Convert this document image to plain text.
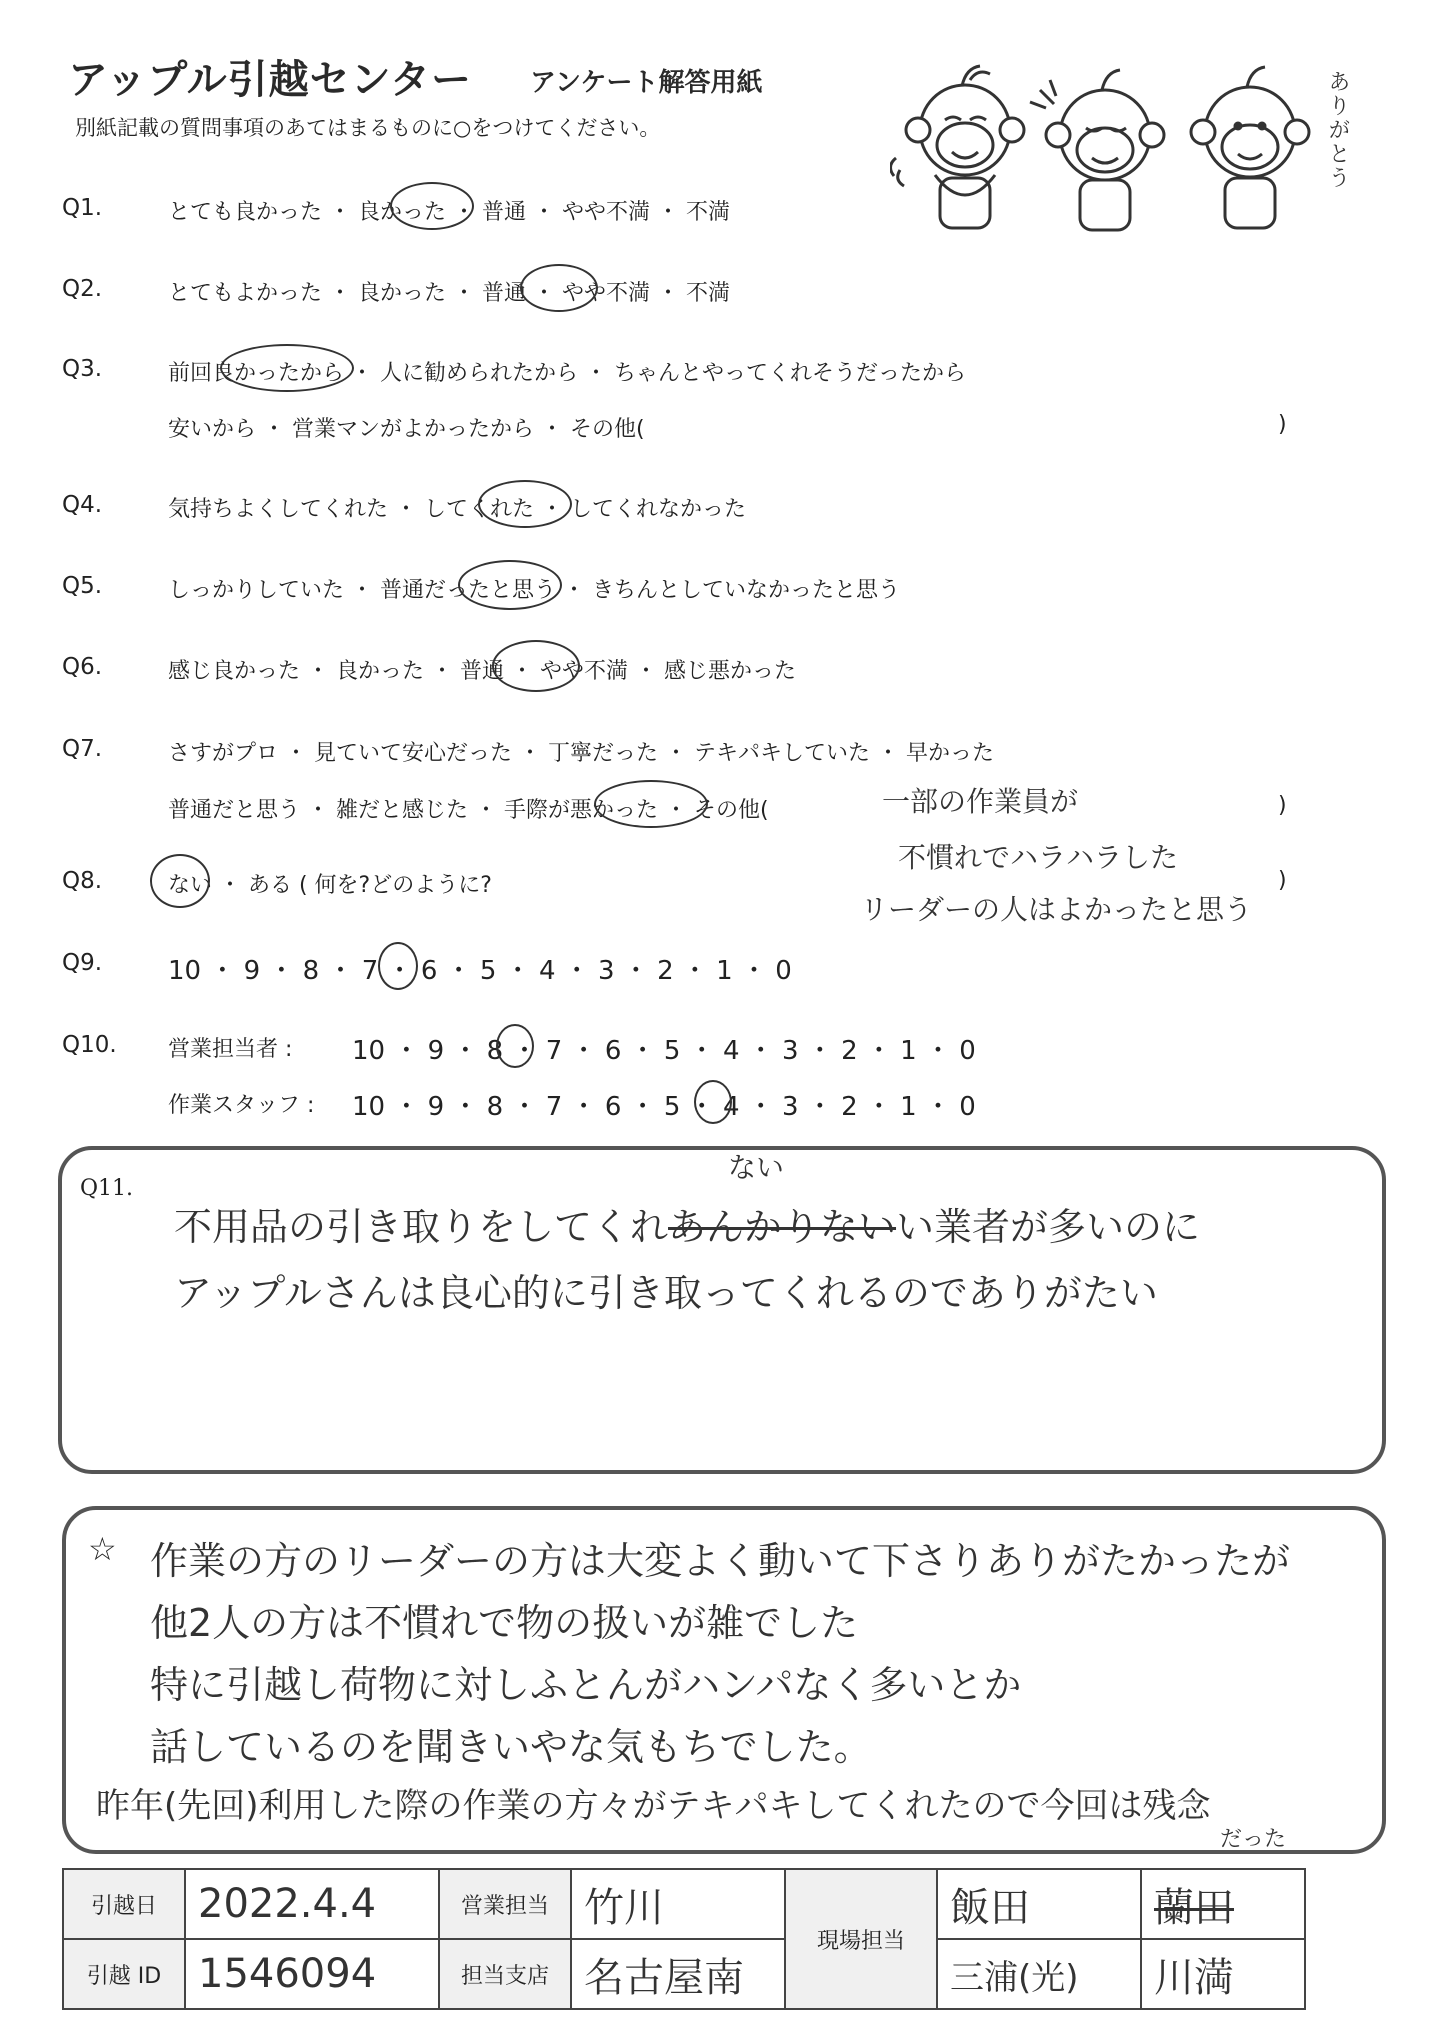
アップル引越センター アンケート解答用紙
別紙記載の質問事項のあてはまるものに○をつけてください。	ありがとう
Q1.	とても良かった ・ 良かった ・ 普通 ・ やや不満 ・ 不満
Q2.	とてもよかった ・ 良かった ・ 普通 ・ やや不満 ・ 不満
Q3.	前回良かったから ・ 人に勧められたから ・ ちゃんとやってくれそうだったから
安いから ・ 営業マンがよかったから ・ その他(	)
Q4.	気持ちよくしてくれた ・ してくれた ・ してくれなかった
Q5.	しっかりしていた ・ 普通だったと思う ・ きちんとしていなかったと思う
Q6.	感じ良かった ・ 良かった ・ 普通 ・ やや不満 ・ 感じ悪かった
Q7.	さすがプロ ・ 見ていて安心だった ・ 丁寧だった ・ テキパキしていた ・ 早かった
普通だと思う ・ 雑だと感じた ・ 手際が悪かった ・ その他(	)
一部の作業員が
不慣れでハラハラした
リーダーの人はよかったと思う
Q8.	ない ・ ある ( 何を?どのように?	)
Q9.	10 ・ 9 ・ 8 ・ 7 ・ 6 ・ 5 ・ 4 ・ 3 ・ 2 ・ 1 ・ 0
Q10. 営業担当者 : 10 ・ 9 ・ 8 ・ 7 ・ 6 ・ 5 ・ 4 ・ 3 ・ 2 ・ 1 ・ 0
作業スタッフ : 10 ・ 9 ・ 8 ・ 7 ・ 6 ・ 5 ・ 4 ・ 3 ・ 2 ・ 1 ・ 0
Q11.
ない
不用品の引き取りをしてくれあんかりないい業者が多いのに
アップルさんは良心的に引き取ってくれるのでありがたい
☆ 作業の方のリーダーの方は大変よく動いて下さりありがたかったが
他2人の方は不慣れで物の扱いが雑でした
特に引越し荷物に対しふとんがハンパなく多いとか
話しているのを聞きいやな気もちでした。
昨年(先回)利用した際の作業の方々がテキパキしてくれたので今回は残念
だった
引越日	2022.4.4	営業担当	竹川	現場担当	飯田	蘭田
引越 ID	1546094	担当支店	名古屋南		三浦(光)	川満
